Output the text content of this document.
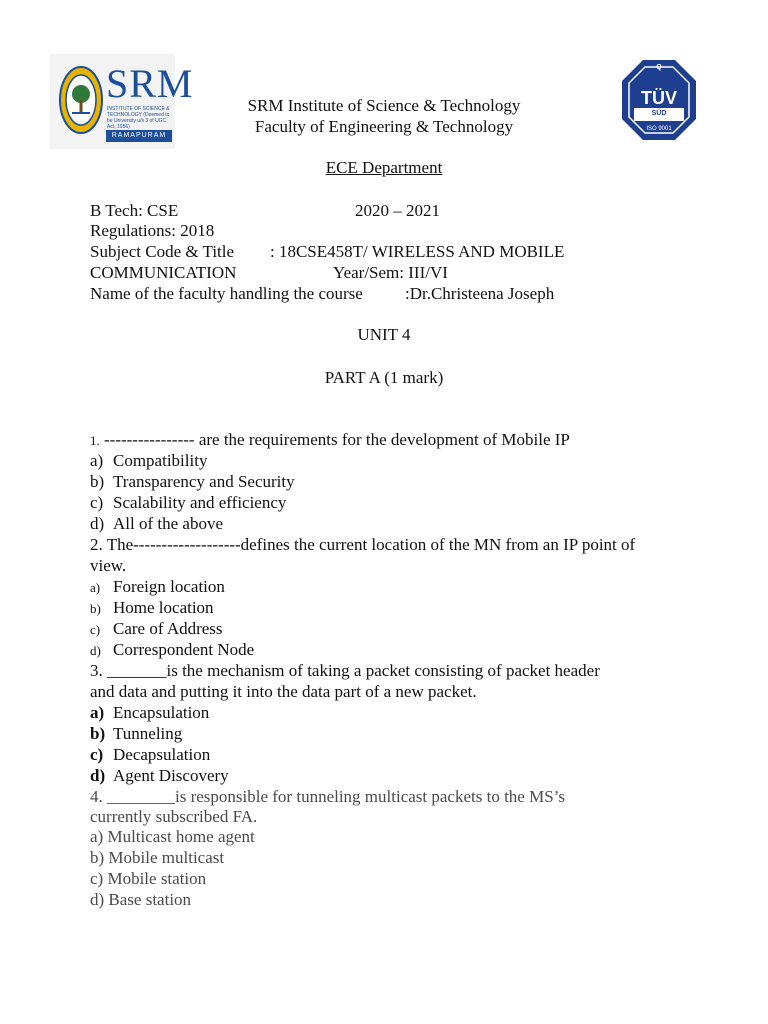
SRM
INSTITUTE OF SCIENCE & TECHNOLOGY (Deemed to be University u/s 3 of UGC Act, 1956)
RAMAPURAM
Q
TÜV
SÜD
ISO 9001
SRM Institute of Science & Technology
Faculty of Engineering & Technology
ECE Department
B Tech: CSE	2020 – 2021
Regulations: 2018
Subject Code & Title : 18CSE458T/ WIRELESS AND MOBILE
COMMUNICATION	Year/Sem: III/VI
Name of the faculty handling the course :Dr.Christeena Joseph
UNIT 4
PART A (1 mark)
1. ---------------- are the requirements for the development of Mobile IP
a) Compatibility
b) Transparency and Security
c) Scalability and efficiency
d) All of the above
2. The-------------------defines the current location of the MN from an IP point of
view.
a) Foreign location
b) Home location
c) Care of Address
d) Correspondent Node
3. _______is the mechanism of taking a packet consisting of packet header
and data and putting it into the data part of a new packet.
a) Encapsulation
b) Tunneling
c) Decapsulation
d) Agent Discovery
4. ________is responsible for tunneling multicast packets to the MS’s
currently subscribed FA.
a) Multicast home agent
b) Mobile multicast
c) Mobile station
d) Base station
